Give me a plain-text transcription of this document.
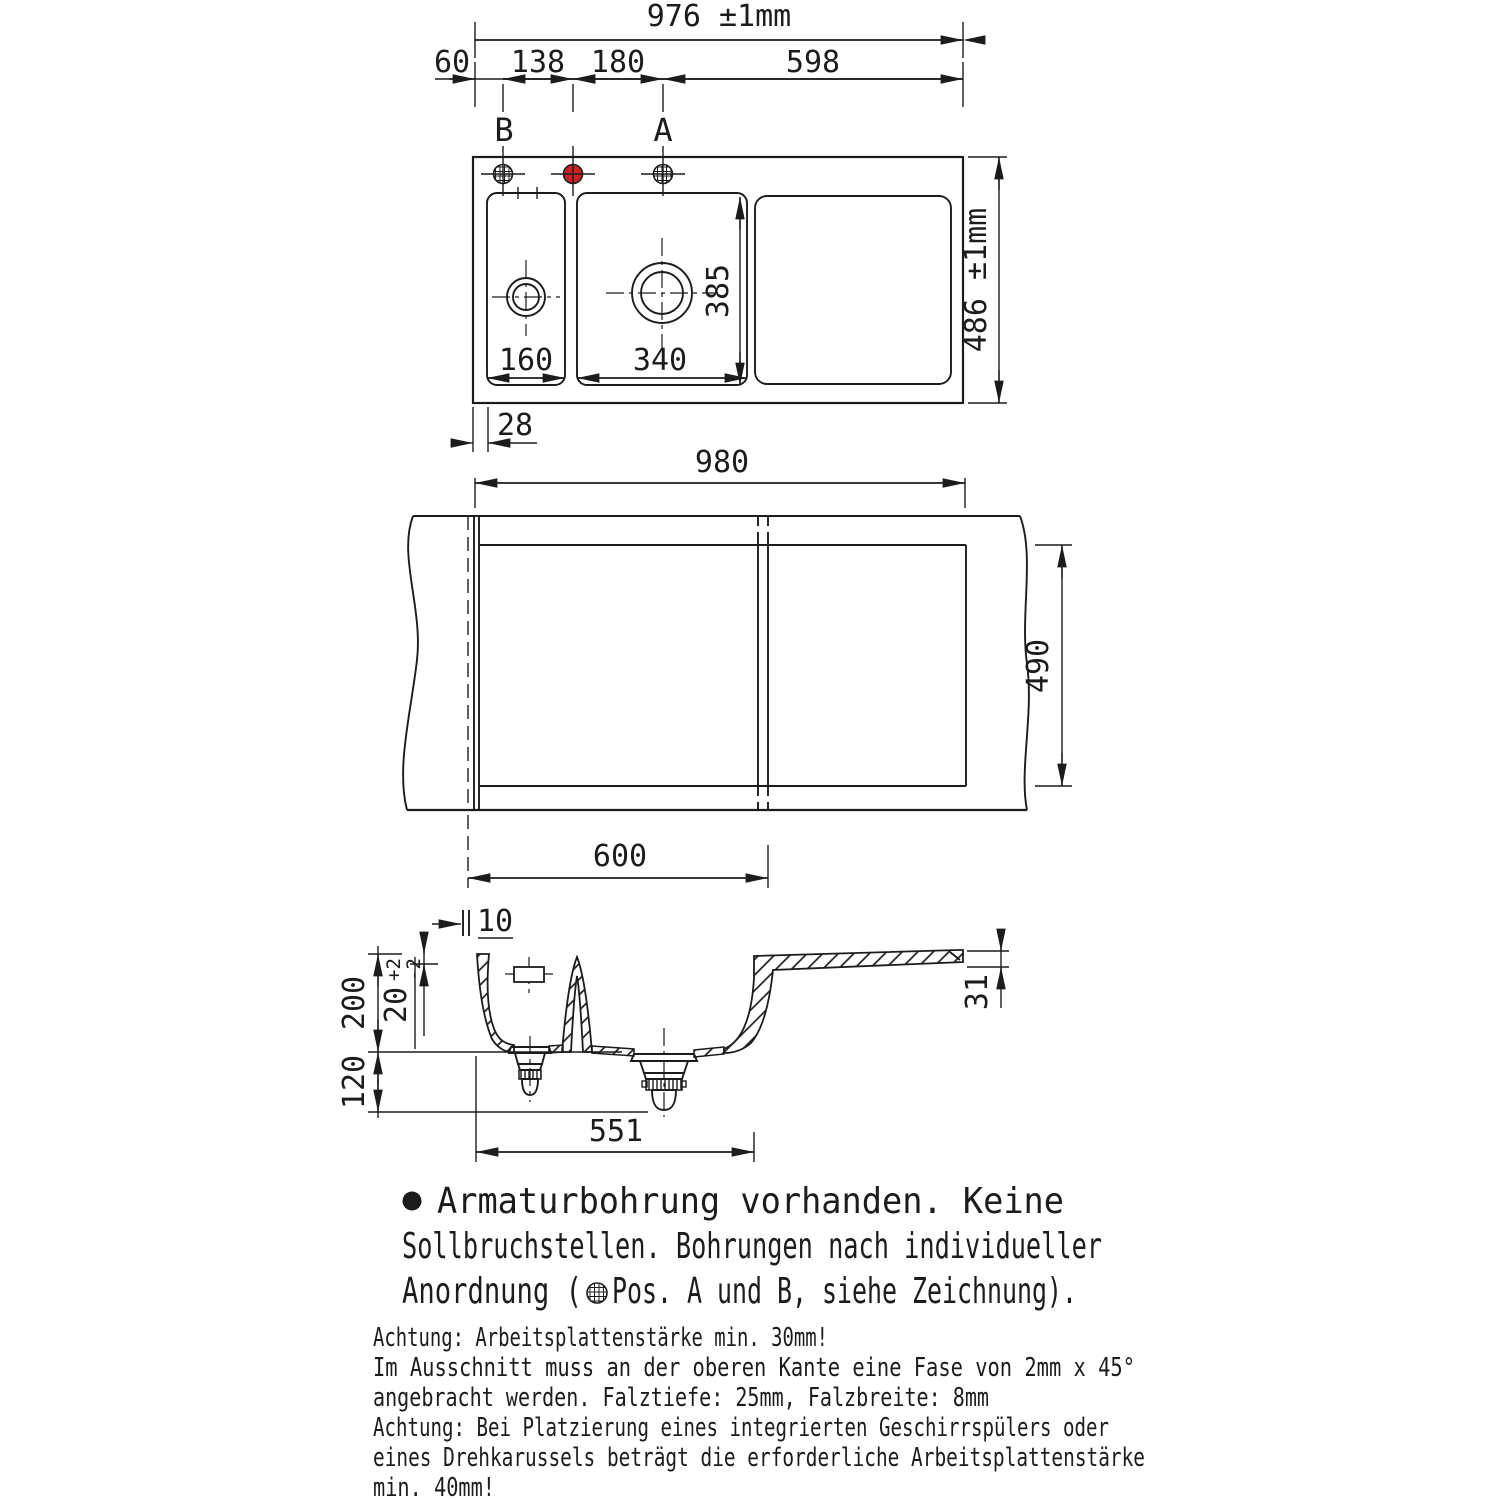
976 ±1mm
60 138 180	598
B	A
385
160	340
486 ±1mm
28
980
490
600
10
200
120
20
+2
-2
31
551
Armaturbohrung vorhanden. Keine
Sollbruchstellen. Bohrungen nach individueller
Anordnung ( Pos. A und B, siehe Zeichnung).
Achtung: Arbeitsplattenstärke min. 30mm!
Im Ausschnitt muss an der oberen Kante eine Fase von 2mm x 45°
angebracht werden. Falztiefe: 25mm, Falzbreite: 8mm
Achtung: Bei Platzierung eines integrierten Geschirrspülers oder
eines Drehkarussels beträgt die erforderliche Arbeitsplattenstärke
min. 40mm!
